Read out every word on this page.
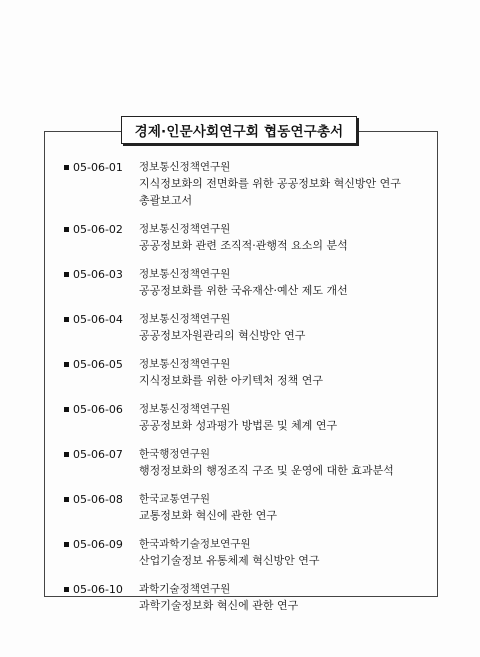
경제·인문사회연구회 협동연구총서
05-06-01	정보통신정책연구원
지식정보화의 전면화를 위한 공공정보화 혁신방안 연구
총괄보고서
05-06-02	정보통신정책연구원
공공정보화 관련 조직적·관행적 요소의 분석
05-06-03	정보통신정책연구원
공공정보화를 위한 국유재산·예산 제도 개선
05-06-04	정보통신정책연구원
공공정보자원관리의 혁신방안 연구
05-06-05	정보통신정책연구원
지식정보화를 위한 아키텍처 정책 연구
05-06-06	정보통신정책연구원
공공정보화 성과평가 방법론 및 체계 연구
05-06-07	한국행정연구원
행정정보화의 행정조직 구조 및 운영에 대한 효과분석
05-06-08	한국교통연구원
교통정보화 혁신에 관한 연구
05-06-09	한국과학기술정보연구원
산업기술정보 유통체제 혁신방안 연구
05-06-10	과학기술정책연구원
과학기술정보화 혁신에 관한 연구
